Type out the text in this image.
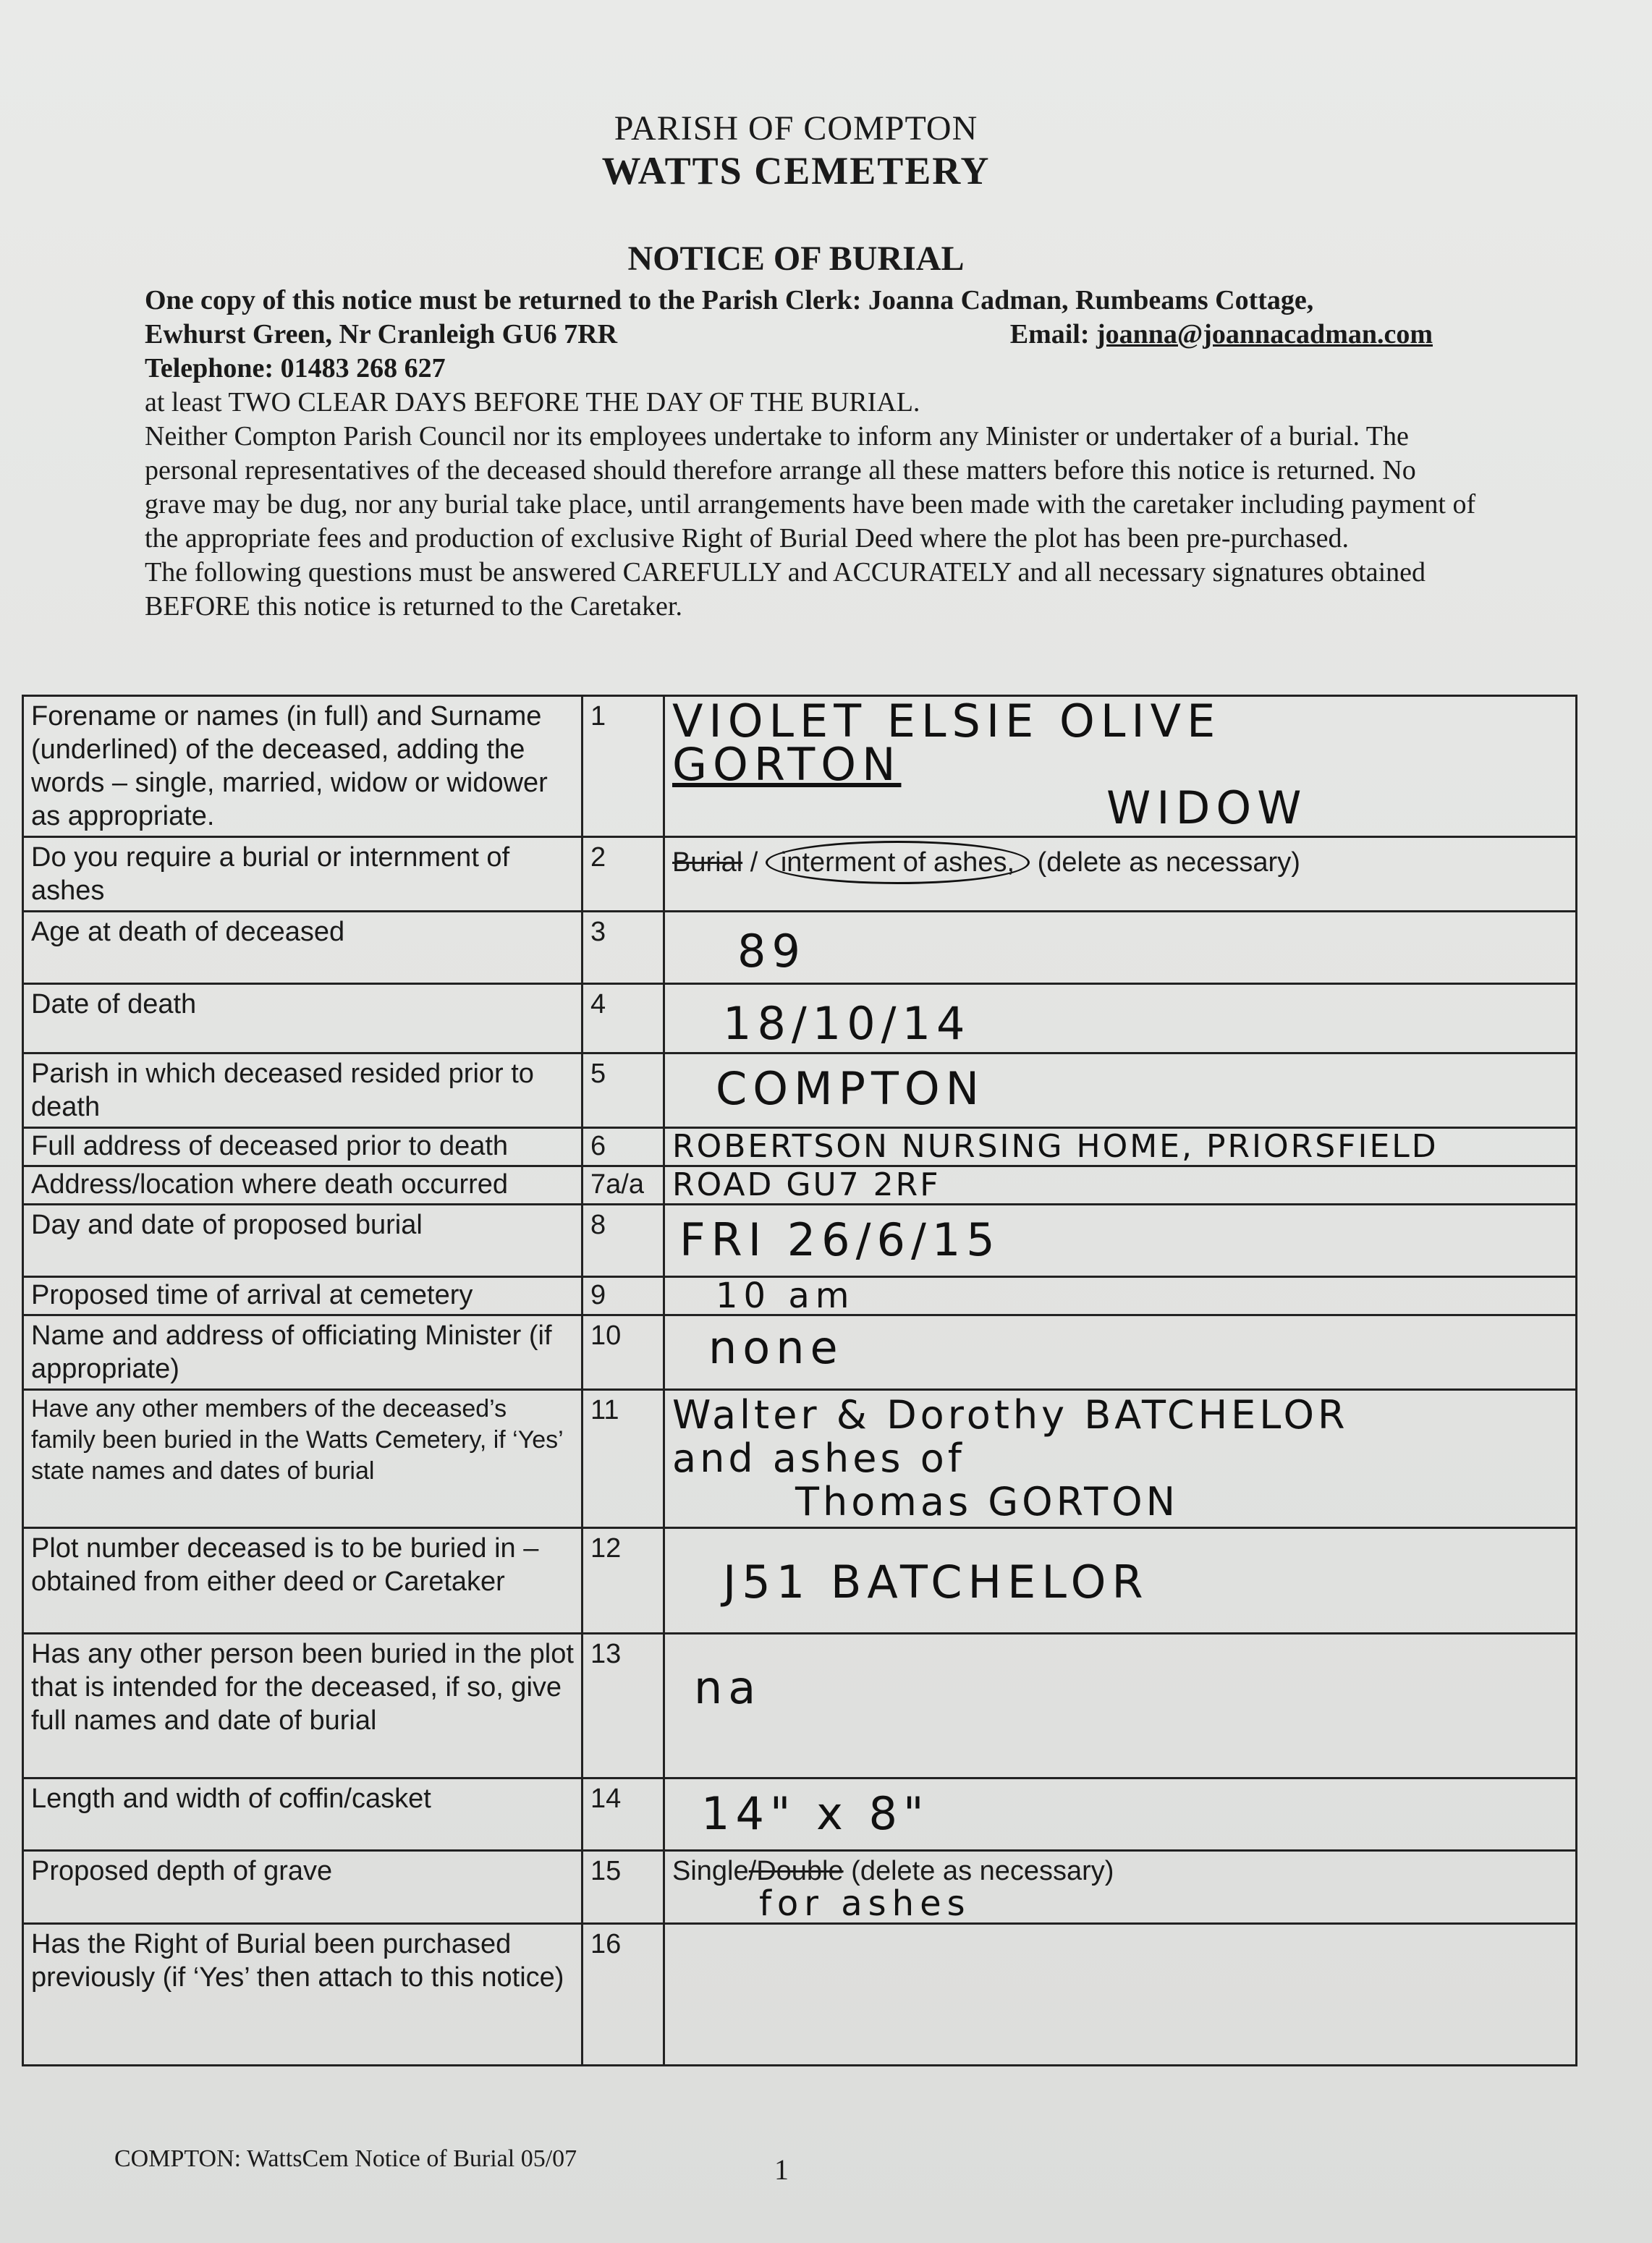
PARISH OF COMPTON
WATTS CEMETERY
NOTICE OF BURIAL
One copy of this notice must be returned to the Parish Clerk: Joanna Cadman, Rumbeams Cottage,
Ewhurst Green, Nr Cranleigh GU6 7RR	Email: joanna@joannacadman.com
Telephone: 01483 268 627
at least TWO CLEAR DAYS BEFORE THE DAY OF THE BURIAL.
Neither Compton Parish Council nor its employees undertake to inform any Minister or undertaker of a burial. The personal representatives of the deceased should therefore arrange all these matters before this notice is returned. No grave may be dug, nor any burial take place, until arrangements have been made with the caretaker including payment of the appropriate fees and production of exclusive Right of Burial Deed where the plot has been pre-purchased.
The following questions must be answered CAREFULLY and ACCURATELY and all necessary signatures obtained BEFORE this notice is returned to the Caretaker.
Forename or names (in full) and Surname (underlined) of the deceased, adding the words – single, married, widow or widower as appropriate.	1	VIOLET ELSIE OLIVE
GORTON
WIDOW

Do you require a burial or internment of ashes	2	Burial / interment of ashes, (delete as necessary)
Age at death of deceased	3	89

Date of death	4	18/10/14

Parish in which deceased resided prior to death	5	COMPTON

Full address of deceased prior to death	6	ROBERTSON NURSING HOME, PRIORSFIELD

Address/location where death occurred	7a/a	ROAD GU7 2RF

Day and date of proposed burial	8	FRI 26/6/15

Proposed time of arrival at cemetery	9	10 am

Name and address of officiating Minister (if appropriate)	10	none

Have any other members of the deceased’s family been buried in the Watts Cemetery, if ‘Yes’ state names and dates of burial	11	Walter & Dorothy BATCHELOR
and ashes of
Thomas GORTON

Plot number deceased is to be buried in – obtained from either deed or Caretaker	12	J51 BATCHELOR

Has any other person been buried in the plot that is intended for the deceased, if so, give full names and date of burial	13	na

Length and width of coffin/casket	14	14" x 8"

Proposed depth of grave	15	Single/Double (delete as necessary)
for ashes

Has the Right of Burial been purchased previously (if ‘Yes’ then attach to this notice)	16	
COMPTON: WattsCem Notice of Burial 05/07	1
